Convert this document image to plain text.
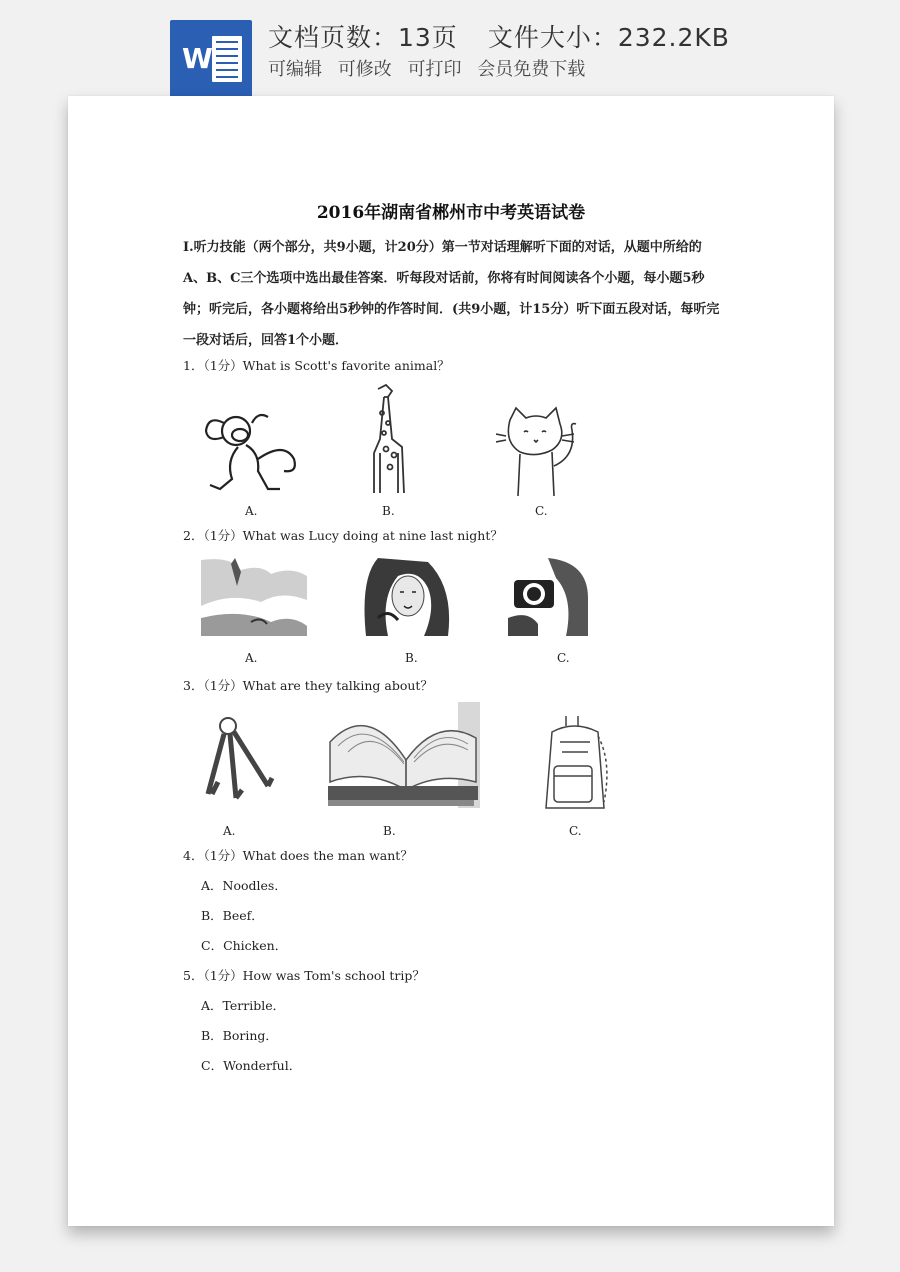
W
文档页数：13页 文件大小：232.2KB
可编辑 可修改 可打印 会员免费下载
2016年湖南省郴州市中考英语试卷
I.听力技能（两个部分，共9小题，计20分）第一节对话理解听下面的对话，从题中所给的A、B、C三个选项中选出最佳答案．听每段对话前，你将有时间阅读各个小题，每小题5秒钟；听完后，各小题将给出5秒钟的作答时间．(共9小题，计15分）听下面五段对话，每听完一段对话后，回答1个小题．
1．（1分）What is Scott's favorite animal？
A.	B.	C.
2．（1分）What was Lucy doing at nine last night？
A.	B.	C.
3．（1分）What are they talking about？
A.	B.	C.
4．（1分）What does the man want？
A．Noodles．
B．Beef．
C．Chicken．
5．（1分）How was Tom's school trip？
A．Terrible．
B．Boring．
C．Wonderful．
